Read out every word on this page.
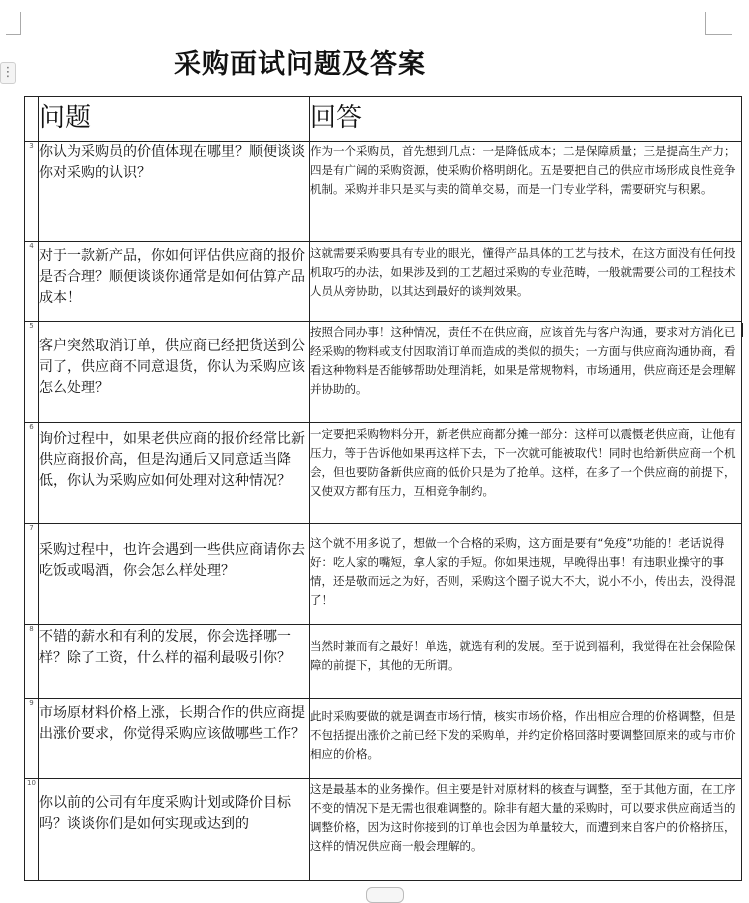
⋮	采购面试问题及答案
	问题	回答
3	你认为采购员的价值体现在哪里？顺便谈谈你对采购的认识？	作为一个采购员，首先想到几点：一是降低成本；二是保障质量；三是提高生产力；四是有广阔的采购资源，使采购价格明朗化。五是要把自己的供应市场形成良性竞争机制。采购并非只是买与卖的简单交易，而是一门专业学科，需要研究与积累。
4	对于一款新产品，你如何评估供应商的报价是否合理？顺便谈谈你通常是如何估算产品成本！	这就需要采购要具有专业的眼光，懂得产品具体的工艺与技术，在这方面没有任何投机取巧的办法，如果涉及到的工艺超过采购的专业范畴，一般就需要公司的工程技术人员从旁协助，以其达到最好的谈判效果。
5	客户突然取消订单，供应商已经把货送到公司了，供应商不同意退货，你认为采购应该怎么处理？	按照合同办事！这种情况，责任不在供应商，应该首先与客户沟通，要求对方消化已经采购的物料或支付因取消订单而造成的类似的损失；一方面与供应商沟通协商，看看这种物料是否能够帮助处理消耗，如果是常规物料，市场通用，供应商还是会理解并协助的。
6	询价过程中，如果老供应商的报价经常比新供应商报价高，但是沟通后又同意适当降低，你认为采购应如何处理对这种情况？	一定要把采购物料分开，新老供应商都分摊一部分：这样可以震慑老供应商，让他有压力，等于告诉他如果再这样下去，下一次就可能被取代！同时也给新供应商一个机会，但也要防备新供应商的低价只是为了抢单。这样，在多了一个供应商的前提下，又使双方都有压力，互相竞争制约。
7	采购过程中，也许会遇到一些供应商请你去吃饭或喝酒，你会怎么样处理？	这个就不用多说了，想做一个合格的采购，这方面是要有“免疫”功能的！老话说得好：吃人家的嘴短，拿人家的手短。你如果违规，早晚得出事！有违职业操守的事情，还是敬而远之为好，否则，采购这个圈子说大不大，说小不小，传出去，没得混了！
8	不错的薪水和有利的发展，你会选择哪一样？除了工资，什么样的福利最吸引你？	当然时兼而有之最好！单选，就选有利的发展。至于说到福利，我觉得在社会保险保障的前提下，其他的无所谓。
9	市场原材料价格上涨，长期合作的供应商提出涨价要求，你觉得采购应该做哪些工作？	此时采购要做的就是调查市场行情，核实市场价格，作出相应合理的价格调整，但是不包括提出涨价之前已经下发的采购单，并约定价格回落时要调整回原来的或与市价相应的价格。
10	你以前的公司有年度采购计划或降价目标吗？谈谈你们是如何实现或达到的	这是最基本的业务操作。但主要是针对原材料的核查与调整，至于其他方面，在工序不变的情况下是无需也很难调整的。除非有超大量的采购时，可以要求供应商适当的调整价格，因为这时你接到的订单也会因为单量较大，而遭到来自客户的价格挤压，这样的情况供应商一般会理解的。
